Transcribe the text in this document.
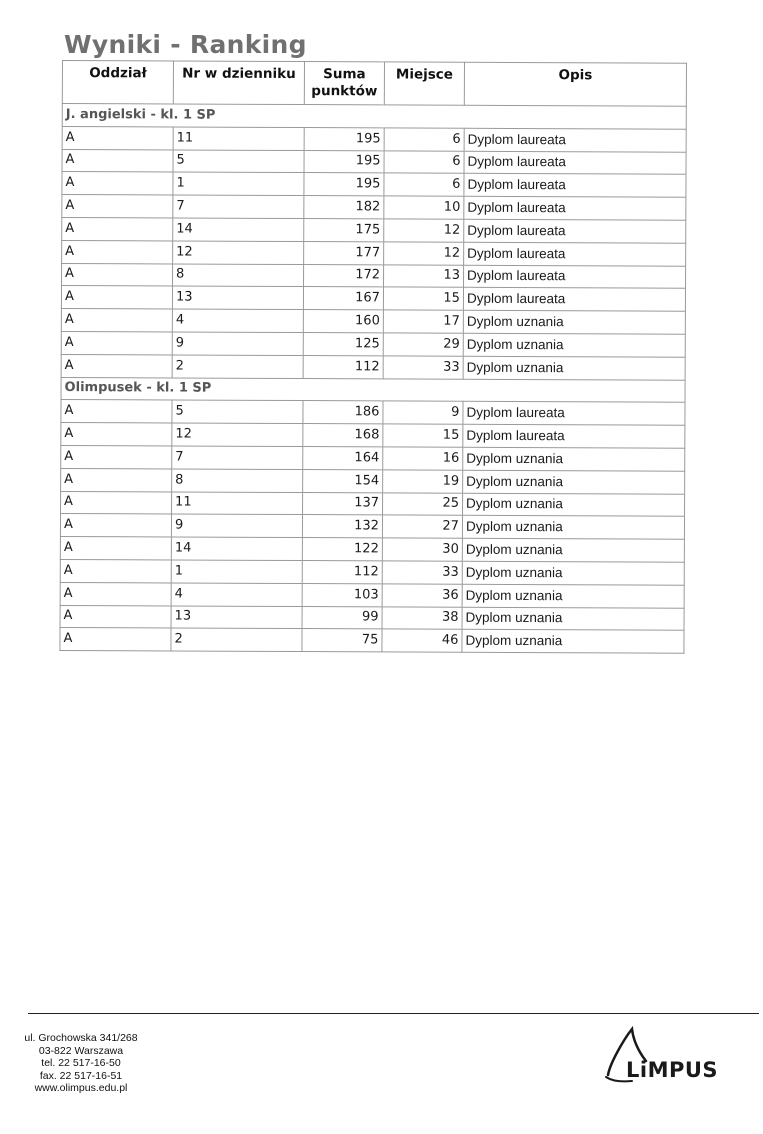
Wyniki - Ranking
Oddział	Nr w dzienniku	Suma punktów	Miejsce	Opis
J. angielski - kl. 1 SP				
A	11	195	6	Dyplom laureata
A	5	195	6	Dyplom laureata
A	1	195	6	Dyplom laureata
A	7	182	10	Dyplom laureata
A	14	175	12	Dyplom laureata
A	12	177	12	Dyplom laureata
A	8	172	13	Dyplom laureata
A	13	167	15	Dyplom laureata
A	4	160	17	Dyplom uznania
A	9	125	29	Dyplom uznania
A	2	112	33	Dyplom uznania
Olimpusek - kl. 1 SP				
A	5	186	9	Dyplom laureata
A	12	168	15	Dyplom laureata
A	7	164	16	Dyplom uznania
A	8	154	19	Dyplom uznania
A	11	137	25	Dyplom uznania
A	9	132	27	Dyplom uznania
A	14	122	30	Dyplom uznania
A	1	112	33	Dyplom uznania
A	4	103	36	Dyplom uznania
A	13	99	38	Dyplom uznania
A	2	75	46	Dyplom uznania
ul. Grochowska 341/268
03-822 Warszawa
tel. 22 517-16-50
fax. 22 517-16-51
www.olimpus.edu.pl
LiMPUS
